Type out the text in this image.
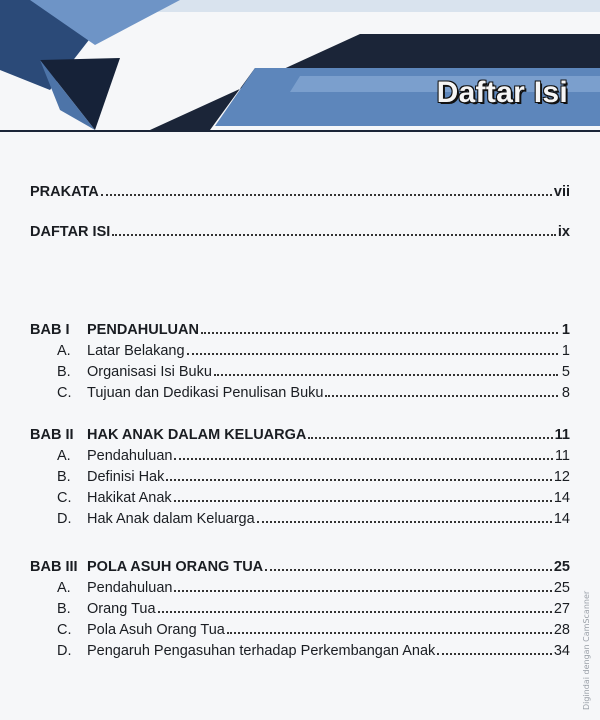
Daftar Isi
PRAKATA	vii
DAFTAR ISI	ix
BAB I	PENDAHULUAN	1
A.	Latar Belakang	1
B.	Organisasi Isi Buku	5
C.	Tujuan dan Dedikasi Penulisan Buku	8
BAB II HAK ANAK DALAM KELUARGA	11
A.	Pendahuluan	11
B.	Definisi Hak	12
C.	Hakikat Anak	14
D.	Hak Anak dalam Keluarga	14
BAB III POLA ASUH ORANG TUA	25
A.	Pendahuluan	25
B.	Orang Tua	27
C.	Pola Asuh Orang Tua	28
D.	Pengaruh Pengasuhan terhadap Perkembangan Anak	34 Digindai dengan CamScanner
